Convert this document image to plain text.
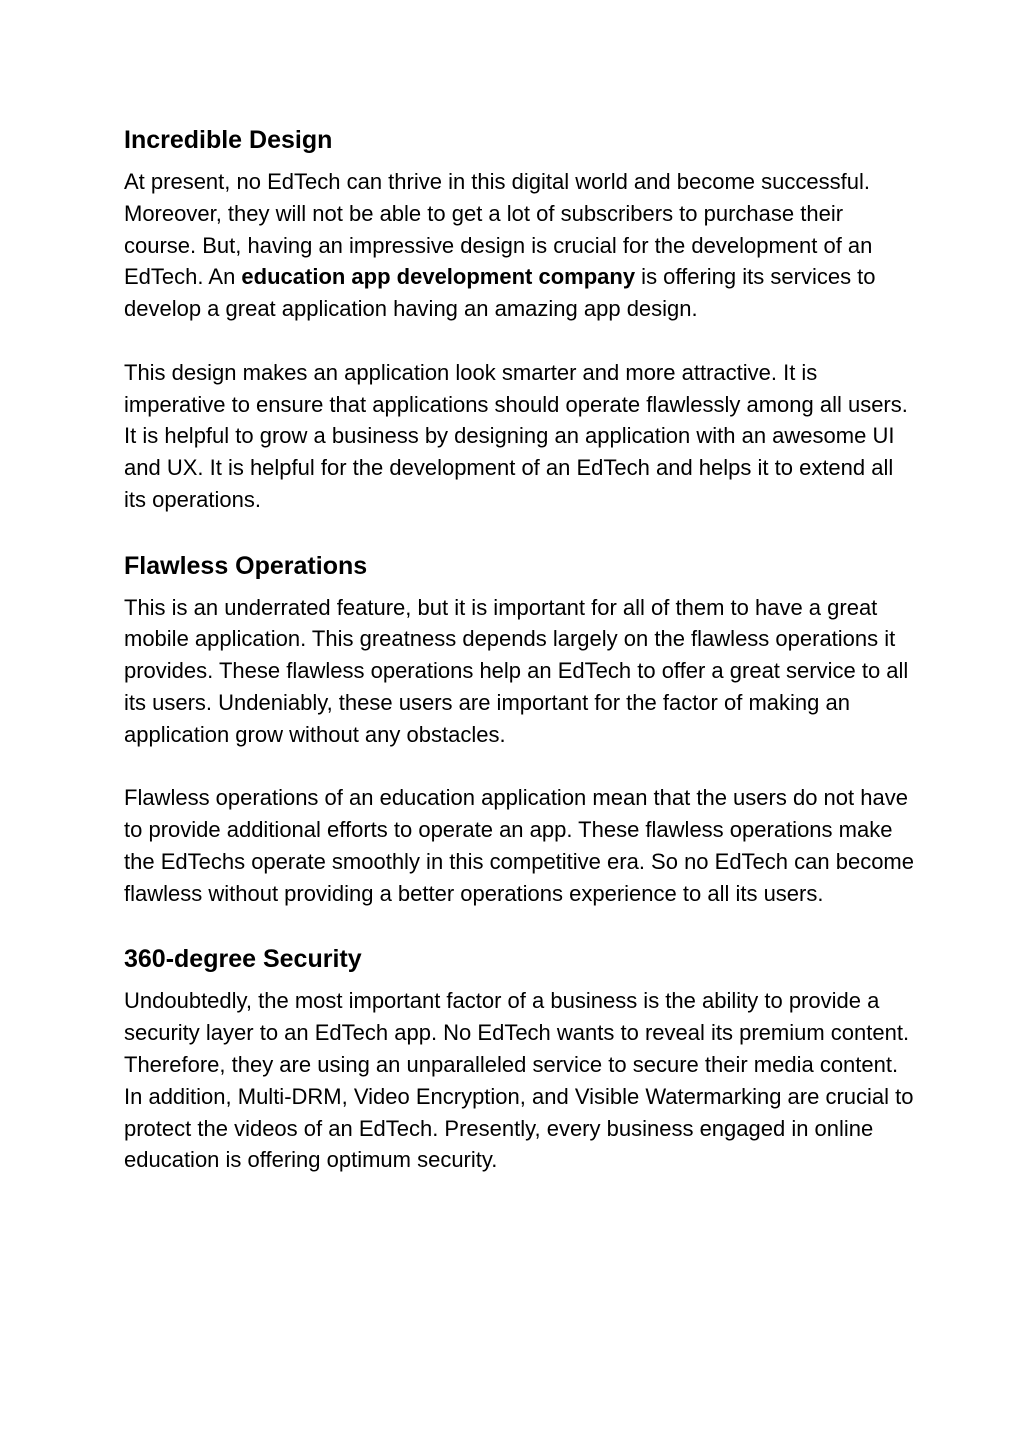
Incredible Design

At present, no EdTech can thrive in this digital world and become successful. Moreover, they will not be able to get a lot of subscribers to purchase their course. But, having an impressive design is crucial for the development of an EdTech. An education app development company is offering its services to develop a great application having an amazing app design.

This design makes an application look smarter and more attractive. It is imperative to ensure that applications should operate flawlessly among all users. It is helpful to grow a business by designing an application with an awesome UI and UX. It is helpful for the development of an EdTech and helps it to extend all its operations.

Flawless Operations

This is an underrated feature, but it is important for all of them to have a great mobile application. This greatness depends largely on the flawless operations it provides. These flawless operations help an EdTech to offer a great service to all its users. Undeniably, these users are important for the factor of making an application grow without any obstacles.

Flawless operations of an education application mean that the users do not have to provide additional efforts to operate an app. These flawless operations make the EdTechs operate smoothly in this competitive era. So no EdTech can become flawless without providing a better operations experience to all its users.

360-degree Security

Undoubtedly, the most important factor of a business is the ability to provide a security layer to an EdTech app. No EdTech wants to reveal its premium content. Therefore, they are using an unparalleled service to secure their media content. In addition, Multi-DRM, Video Encryption, and Visible Watermarking are crucial to protect the videos of an EdTech. Presently, every business engaged in online education is offering optimum security.
